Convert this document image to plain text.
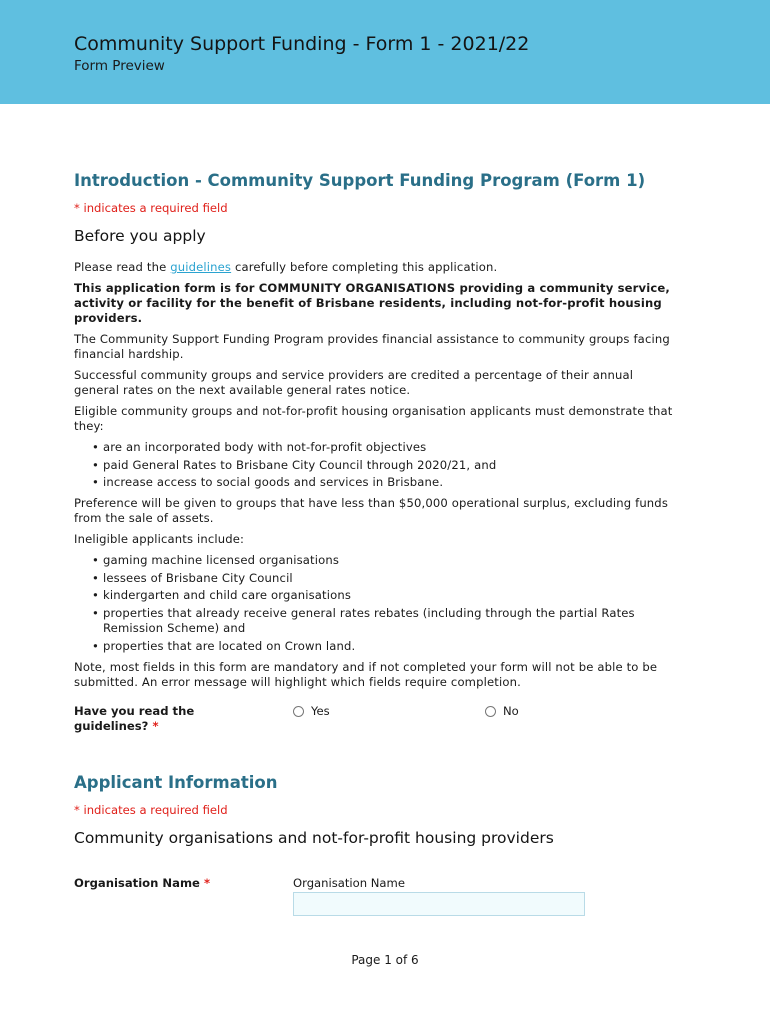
Community Support Funding - Form 1 - 2021/22
Form Preview
Introduction - Community Support Funding Program (Form 1)
* indicates a required field
Before you apply

Please read the guidelines carefully before completing this application.

This application form is for COMMUNITY ORGANISATIONS providing a community service, activity or facility for the benefit of Brisbane residents, including not-for-profit housing providers.

The Community Support Funding Program provides financial assistance to community groups facing financial hardship.

Successful community groups and service providers are credited a percentage of their annual general rates on the next available general rates notice.

Eligible community groups and not-for-profit housing organisation applicants must demonstrate that they:

• are an incorporated body with not-for-profit objectives
• paid General Rates to Brisbane City Council through 2020/21, and
• increase access to social goods and services in Brisbane.

Preference will be given to groups that have less than $50,000 operational surplus, excluding funds from the sale of assets.

Ineligible applicants include:

• gaming machine licensed organisations
• lessees of Brisbane City Council
• kindergarten and child care organisations
• properties that already receive general rates rebates (including through the partial Rates Remission Scheme) and
• properties that are located on Crown land.

Note, most fields in this form are mandatory and if not completed your form will not be able to be submitted. An error message will highlight which fields require completion.

Have you read the guidelines? *
Yes	No
Applicant Information
* indicates a required field
Community organisations and not-for-profit housing providers
Organisation Name *	Organisation Name
Page 1 of 6
